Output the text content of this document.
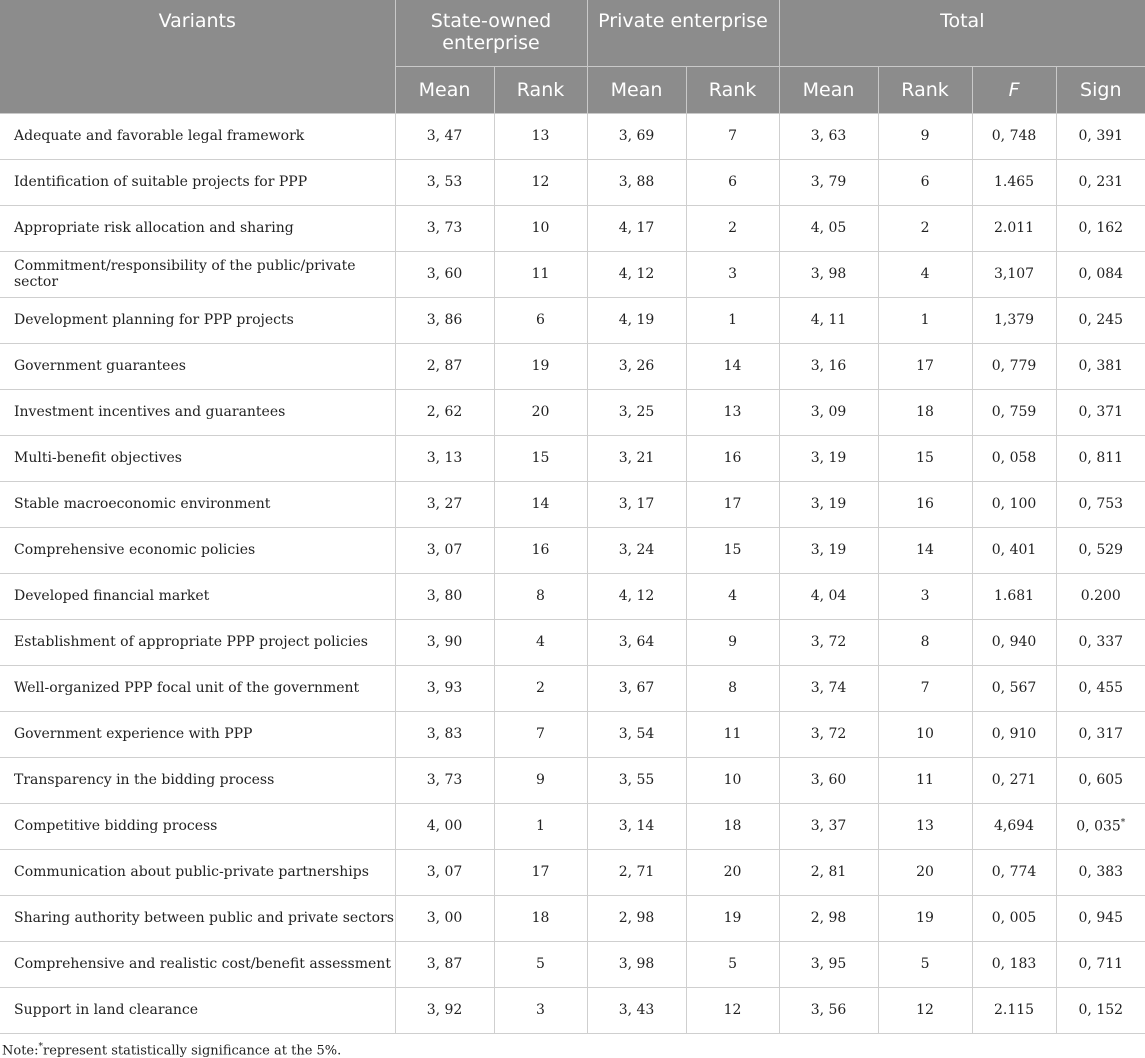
Variants	State-owned enterprise		Private enterprise		Total			
	Mean	Rank	Mean	Rank	Mean	Rank	F	Sign
Adequate and favorable legal framework	3, 47	13	3, 69	7	3, 63	9	0, 748	0, 391
Identification of suitable projects for PPP	3, 53	12	3, 88	6	3, 79	6	1.465	0, 231
Appropriate risk allocation and sharing	3, 73	10	4, 17	2	4, 05	2	2.011	0, 162
Commitment/responsibility of the public/private sector	3, 60	11	4, 12	3	3, 98	4	3,107	0, 084
Development planning for PPP projects	3, 86	6	4, 19	1	4, 11	1	1,379	0, 245
Government guarantees	2, 87	19	3, 26	14	3, 16	17	0, 779	0, 381
Investment incentives and guarantees	2, 62	20	3, 25	13	3, 09	18	0, 759	0, 371
Multi-benefit objectives	3, 13	15	3, 21	16	3, 19	15	0, 058	0, 811
Stable macroeconomic environment	3, 27	14	3, 17	17	3, 19	16	0, 100	0, 753
Comprehensive economic policies	3, 07	16	3, 24	15	3, 19	14	0, 401	0, 529
Developed financial market	3, 80	8	4, 12	4	4, 04	3	1.681	0.200
Establishment of appropriate PPP project policies	3, 90	4	3, 64	9	3, 72	8	0, 940	0, 337
Well-organized PPP focal unit of the government	3, 93	2	3, 67	8	3, 74	7	0, 567	0, 455
Government experience with PPP	3, 83	7	3, 54	11	3, 72	10	0, 910	0, 317
Transparency in the bidding process	3, 73	9	3, 55	10	3, 60	11	0, 271	0, 605
Competitive bidding process	4, 00	1	3, 14	18	3, 37	13	4,694	0, 035*
Communication about public-private partnerships	3, 07	17	2, 71	20	2, 81	20	0, 774	0, 383
Sharing authority between public and private sectors	3, 00	18	2, 98	19	2, 98	19	0, 005	0, 945
Comprehensive and realistic cost/benefit assessment	3, 87	5	3, 98	5	3, 95	5	0, 183	0, 711
Support in land clearance	3, 92	3	3, 43	12	3, 56	12	2.115	0, 152
Note:*represent statistically significance at the 5%.
